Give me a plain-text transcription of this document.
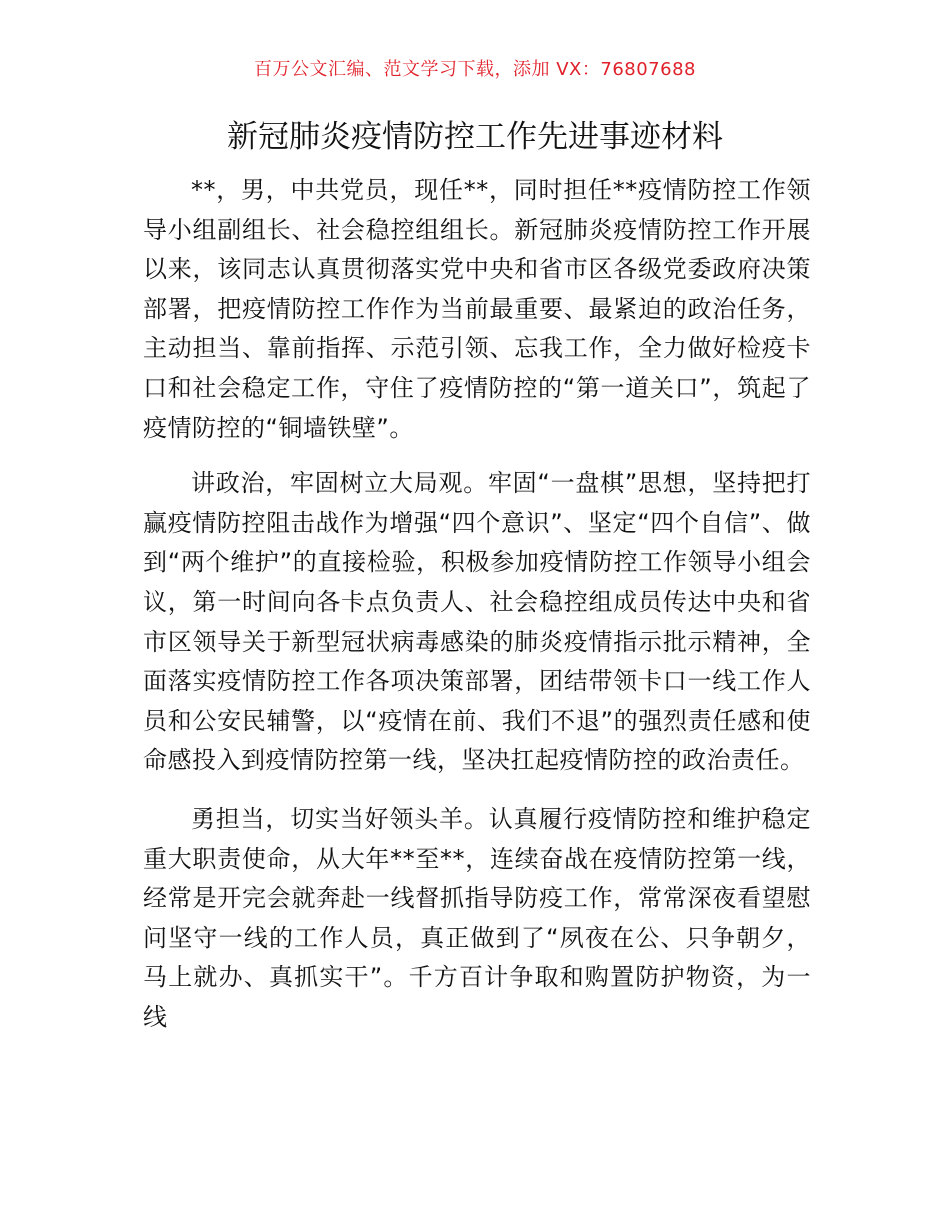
百万公文汇编、范文学习下载，添加 VX：76807688
新冠肺炎疫情防控工作先进事迹材料

**，男，中共党员，现任**，同时担任**疫情防控工作领导小组副组长、社会稳控组组长。新冠肺炎疫情防控工作开展以来，该同志认真贯彻落实党中央和省市区各级党委政府决策部署，把疫情防控工作作为当前最重要、最紧迫的政治任务，主动担当、靠前指挥、示范引领、忘我工作，全力做好检疫卡口和社会稳定工作，守住了疫情防控的“第一道关口”，筑起了疫情防控的“铜墙铁壁”。

讲政治，牢固树立大局观。牢固“一盘棋”思想，坚持把打赢疫情防控阻击战作为增强“四个意识”、坚定“四个自信”、做到“两个维护”的直接检验，积极参加疫情防控工作领导小组会议，第一时间向各卡点负责人、社会稳控组成员传达中央和省市区领导关于新型冠状病毒感染的肺炎疫情指示批示精神，全面落实疫情防控工作各项决策部署，团结带领卡口一线工作人员和公安民辅警，以“疫情在前、我们不退”的强烈责任感和使命感投入到疫情防控第一线，坚决扛起疫情防控的政治责任。

勇担当，切实当好领头羊。认真履行疫情防控和维护稳定重大职责使命，从大年**至**，连续奋战在疫情防控第一线，经常是开完会就奔赴一线督抓指导防疫工作，常常深夜看望慰问坚守一线的工作人员，真正做到了“夙夜在公、只争朝夕，马上就办、真抓实干”。千方百计争取和购置防护物资，为一线
